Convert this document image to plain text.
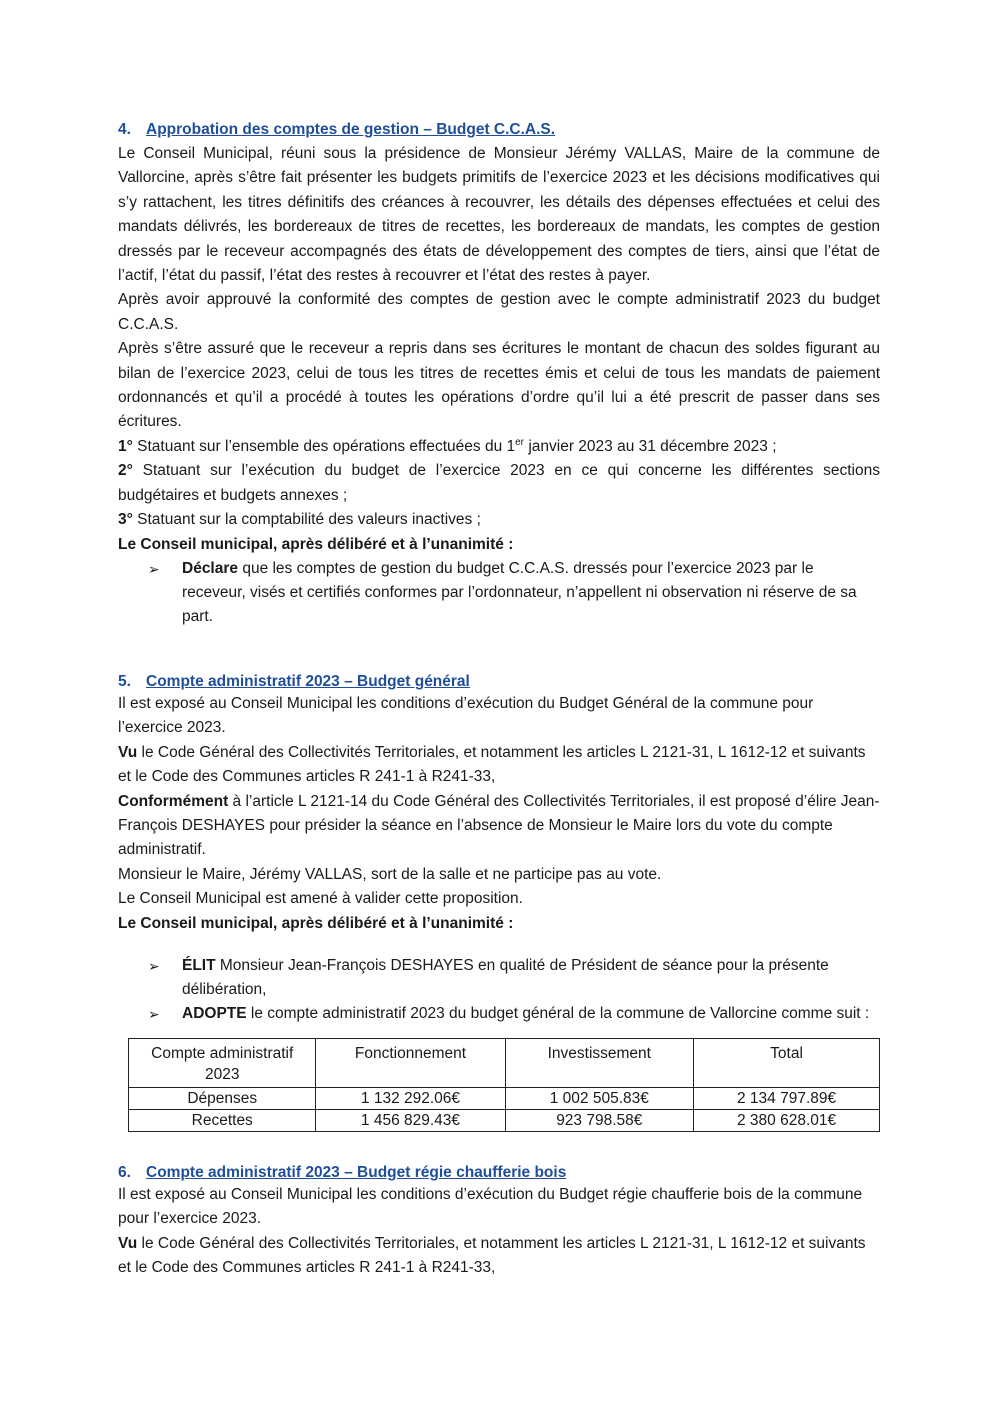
4. Approbation des comptes de gestion – Budget C.C.A.S.

Le Conseil Municipal, réuni sous la présidence de Monsieur Jérémy VALLAS, Maire de la commune de Vallorcine, après s’être fait présenter les budgets primitifs de l’exercice 2023 et les décisions modificatives qui s’y rattachent, les titres définitifs des créances à recouvrer, les détails des dépenses effectuées et celui des mandats délivrés, les bordereaux de titres de recettes, les bordereaux de mandats, les comptes de gestion dressés par le receveur accompagnés des états de développement des comptes de tiers, ainsi que l’état de l’actif, l’état du passif, l’état des restes à recouvrer et l’état des restes à payer.

Après avoir approuvé la conformité des comptes de gestion avec le compte administratif 2023 du budget C.C.A.S.

Après s’être assuré que le receveur a repris dans ses écritures le montant de chacun des soldes figurant au bilan de l’exercice 2023, celui de tous les titres de recettes émis et celui de tous les mandats de paiement ordonnancés et qu’il a procédé à toutes les opérations d’ordre qu’il lui a été prescrit de passer dans ses écritures.

1° Statuant sur l’ensemble des opérations effectuées du 1er janvier 2023 au 31 décembre 2023 ;

2° Statuant sur l’exécution du budget de l’exercice 2023 en ce qui concerne les différentes sections budgétaires et budgets annexes ;

3° Statuant sur la comptabilité des valeurs inactives ;

Le Conseil municipal, après délibéré et à l’unanimité :

➢ Déclare que les comptes de gestion du budget C.C.A.S. dressés pour l’exercice 2023 par le receveur, visés et certifiés conformes par l’ordonnateur, n’appellent ni observation ni réserve de sa part.
5. Compte administratif 2023 – Budget général

Il est exposé au Conseil Municipal les conditions d’exécution du Budget Général de la commune pour l’exercice 2023.

Vu le Code Général des Collectivités Territoriales, et notamment les articles L 2121-31, L 1612-12 et suivants et le Code des Communes articles R 241-1 à R241-33,

Conformément à l’article L 2121-14 du Code Général des Collectivités Territoriales, il est proposé d’élire Jean-François DESHAYES pour présider la séance en l’absence de Monsieur le Maire lors du vote du compte administratif.

Monsieur le Maire, Jérémy VALLAS, sort de la salle et ne participe pas au vote.

Le Conseil Municipal est amené à valider cette proposition.

Le Conseil municipal, après délibéré et à l’unanimité :

➢ ÉLIT Monsieur Jean-François DESHAYES en qualité de Président de séance pour la présente délibération,
➢ ADOPTE le compte administratif 2023 du budget général de la commune de Vallorcine comme suit :
Compte administratif 2023	Fonctionnement	Investissement	Total
Dépenses	1 132 292.06€	1 002 505.83€	2 134 797.89€
Recettes	1 456 829.43€	923 798.58€	2 380 628.01€
6. Compte administratif 2023 – Budget régie chaufferie bois

Il est exposé au Conseil Municipal les conditions d’exécution du Budget régie chaufferie bois de la commune pour l’exercice 2023.

Vu le Code Général des Collectivités Territoriales, et notamment les articles L 2121-31, L 1612-12 et suivants et le Code des Communes articles R 241-1 à R241-33,
